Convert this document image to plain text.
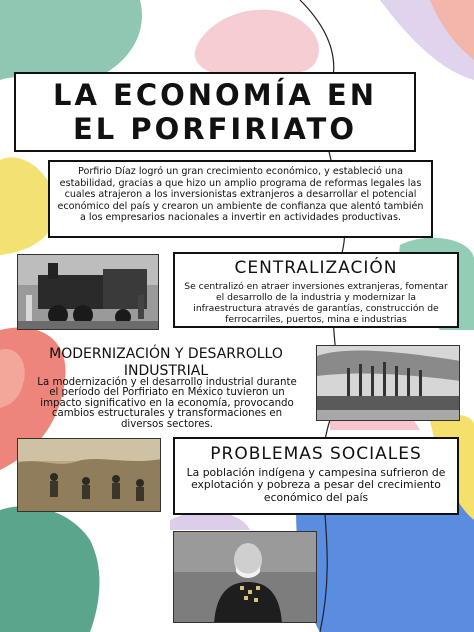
LA ECONOMÍA EN
EL PORFIRIATO
Porfirio Díaz logró un gran crecimiento económico, y estableció una estabilidad, gracias a que hizo un amplio programa de reformas legales las cuales atrajeron a los inversionistas extranjeros a desarrollar el potencial económico del país y crearon un ambiente de confianza que alentó también a los empresarios nacionales a invertir en actividades productivas.
CENTRALIZACIÓN
Se centralizó en atraer inversiones extranjeras, fomentar el desarrollo de la industria y modernizar la infraestructura através de garantías, construcción de ferrocarriles, puertos, mina e industrias
MODERNIZACIÓN Y DESARROLLO INDUSTRIAL
La modernización y el desarrollo industrial durante el período del Porfiriato en México tuvieron un impacto significativo en la economía, provocando cambios estructurales y transformaciones en diversos sectores.
PROBLEMAS SOCIALES
La población indígena y campesina sufrieron de explotación y pobreza a pesar del crecimiento económico del país
